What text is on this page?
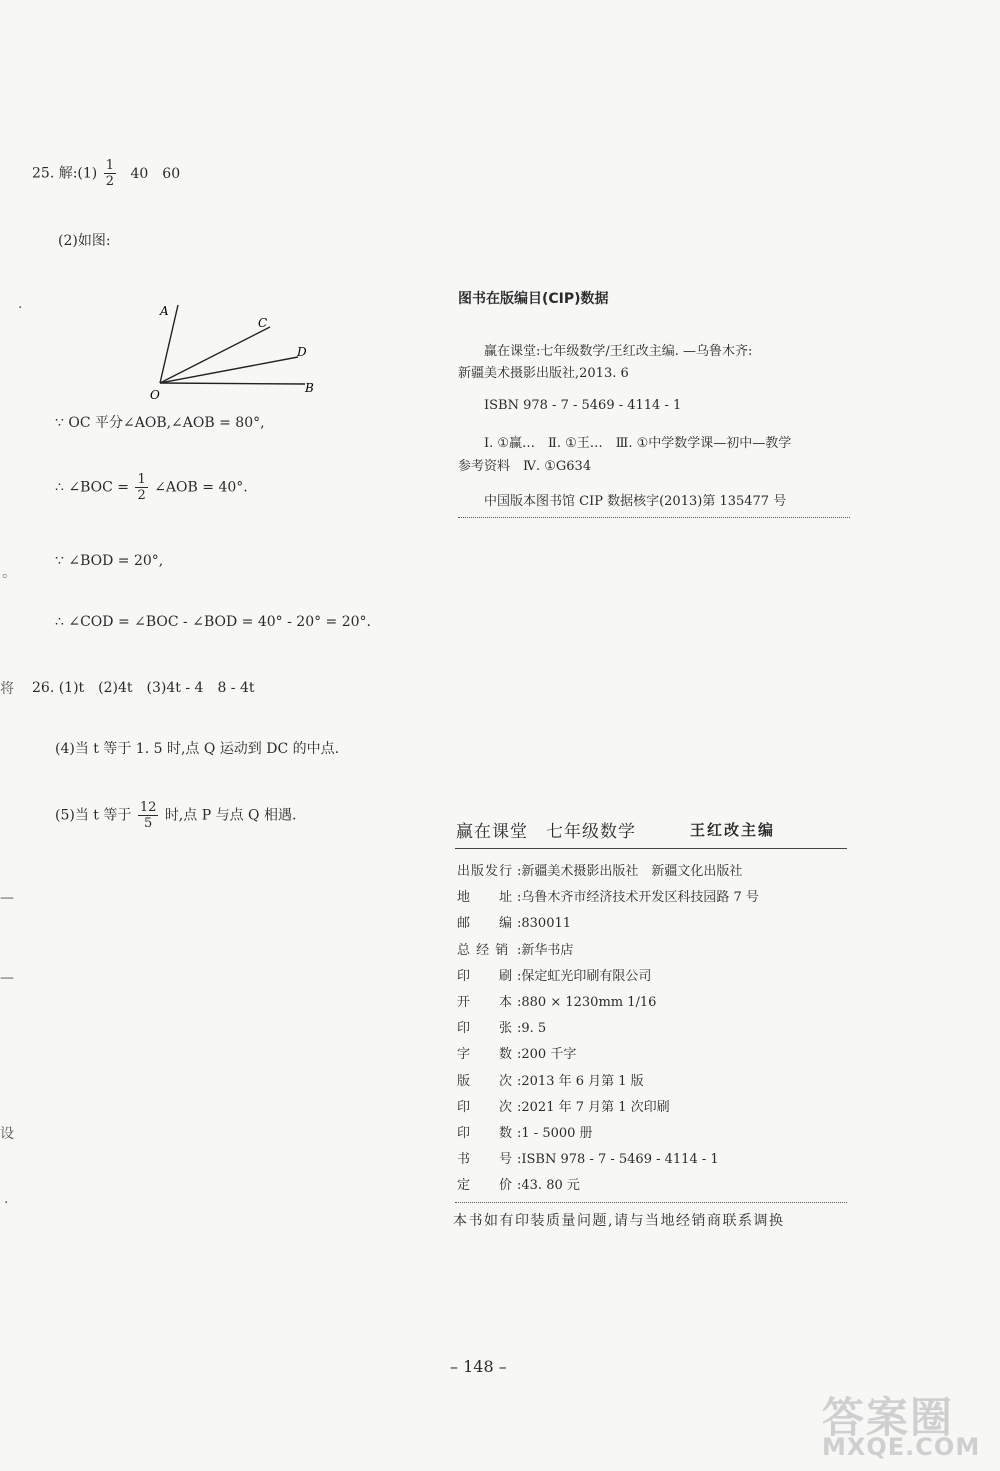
·
。
将
—
—
设
·
25. 解:(1) $\frac{1}{2} 40$　60
(2)如图:
A
C
D
O	B
∵ OC 平分∠AOB,∠AOB = 80°,
∴ ∠BOC = $\frac{1}{2}$ ∠AOB = 40°.
∵ ∠BOD = 20°,
∴ ∠COD = ∠BOC - ∠BOD = 40° - 20° = 20°.
26. (1)t　(2)4t　(3)4t - 4　8 - 4t
(4)当 t 等于 1. 5 时,点 Q 运动到 DC 的中点.
(5)当 t 等于 $\frac{12}{5}$ 时,点 P 与点 Q 相遇.
图书在版编目(CIP)数据
赢在课堂:七年级数学/王红改主编. —乌鲁木齐:
新疆美术摄影出版社,2013. 6
ISBN 978 - 7 - 5469 - 4114 - 1
Ⅰ. ①赢…　Ⅱ. ①王…　Ⅲ. ①中学数学课—初中—教学
参考资料　Ⅳ. ①G634
中国版本图书馆 CIP 数据核字(2013)第 135477 号
赢在课堂　七年级数学	王红改主编
出版发行 :新疆美术摄影出版社　新疆文化出版社
地　　址 :乌鲁木齐市经济技术开发区科技园路 7 号
邮　　编 :830011
总 经 销 :新华书店
印　　刷 :保定虹光印刷有限公司
开　　本 :880 × 1230mm 1/16
印　　张 :9. 5
字　　数 :200 千字
版　　次 :2013 年 6 月第 1 版
印　　次 :2021 年 7 月第 1 次印刷
印　　数 :1 - 5000 册
书　　号 :ISBN 978 - 7 - 5469 - 4114 - 1
定　　价 :43. 80 元
本书如有印装质量问题,请与当地经销商联系调换
– 148 –
答案圈
MXQE.COM
